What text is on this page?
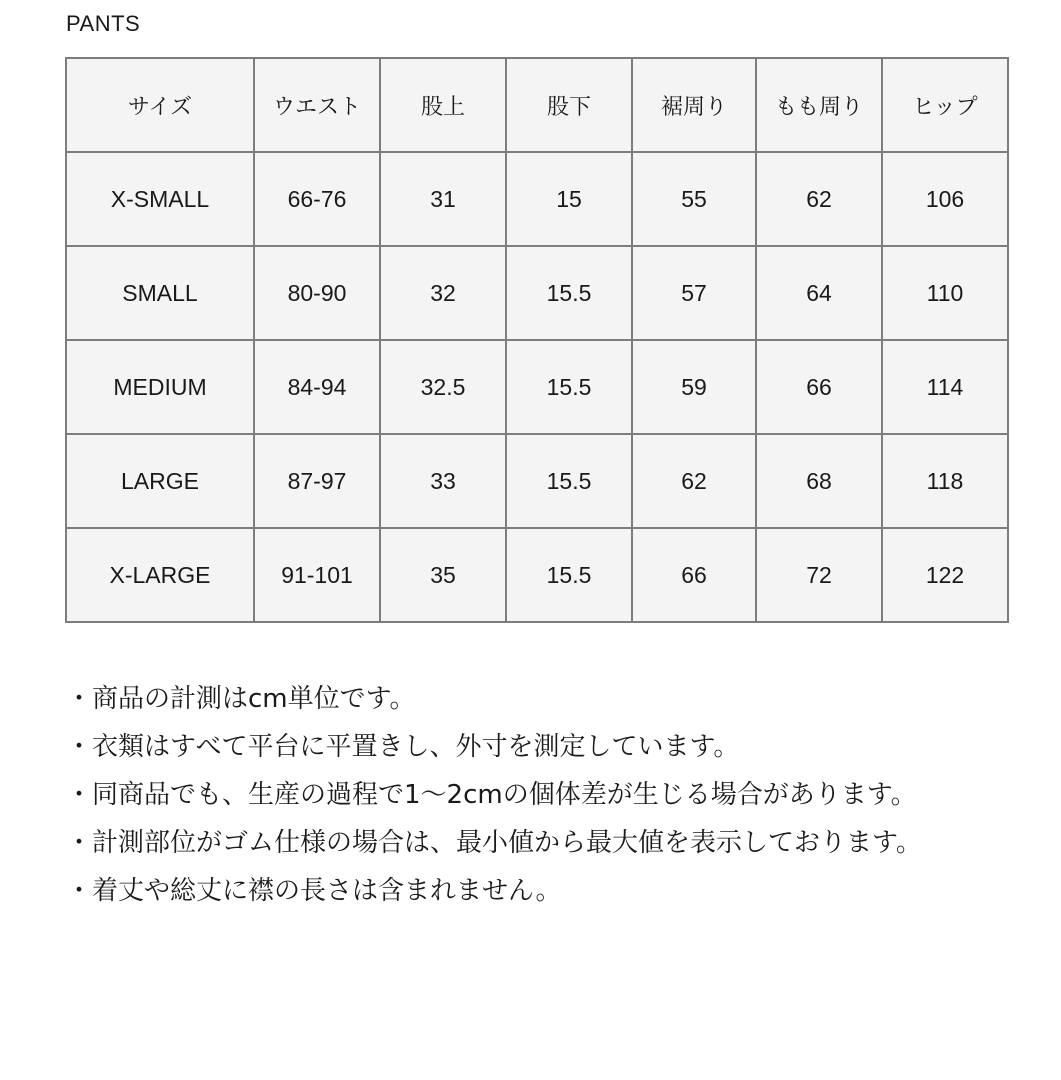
PANTS
サイズ	ウエスト	股上	股下	裾周り	もも周り	ヒップ
X-SMALL	66-76	31	15	55	62	106
SMALL	80-90	32	15.5	57	64	110
MEDIUM	84-94	32.5	15.5	59	66	114
LARGE	87-97	33	15.5	62	68	118
X-LARGE	91-101	35	15.5	66	72	122

・商品の計測はcm単位です。

・衣類はすべて平台に平置きし、外寸を測定しています。

・同商品でも、生産の過程で1〜2cmの個体差が生じる場合があります。

・計測部位がゴム仕様の場合は、最小値から最大値を表示しております。

・着丈や総丈に襟の長さは含まれません。
